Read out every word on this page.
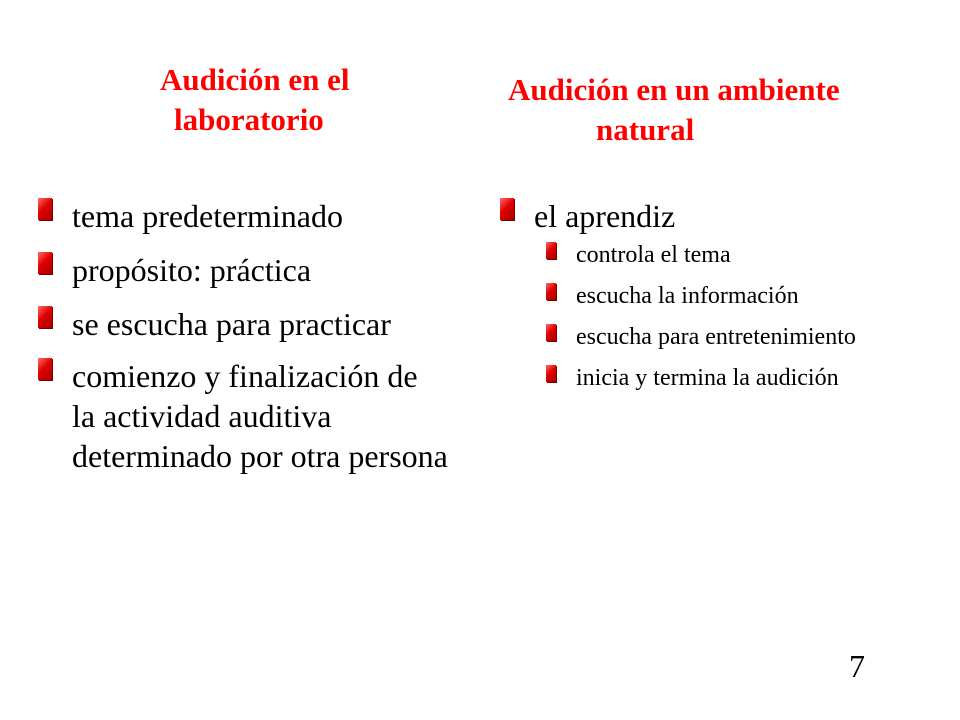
Audición en el
laboratorio
Audición en un ambiente
natural
tema predeterminado
propósito: práctica
se escucha para practicar
comienzo y finalización de la actividad auditiva determinado por otra persona
el aprendiz
controla el tema
escucha la información
escucha para entretenimiento
inicia y termina la audición
7
